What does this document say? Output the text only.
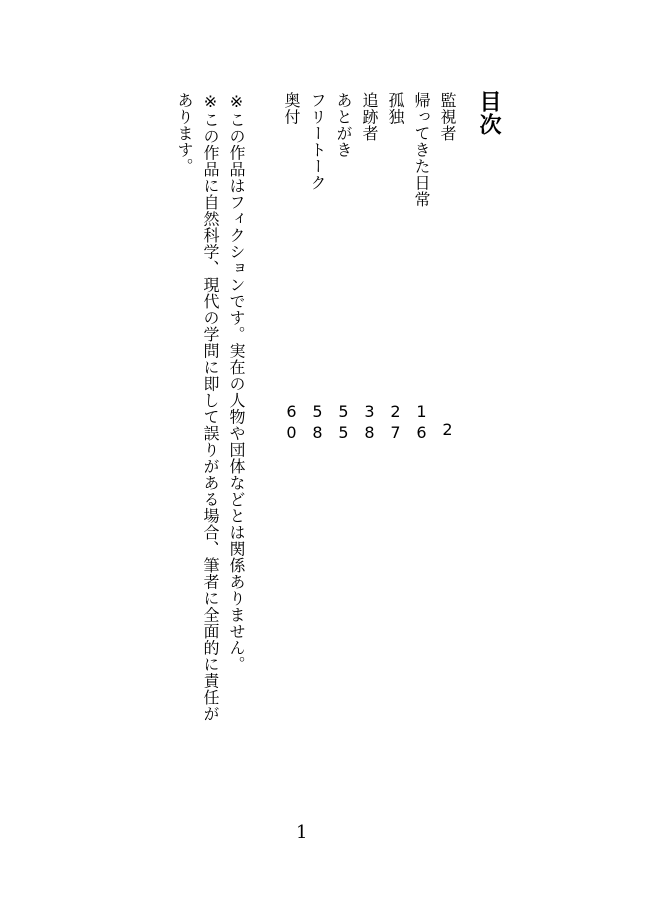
目次
監視者
帰ってきた日常
孤独
追跡者
あとがき
フリートーク
奥付
2
16
27
38
55
58
60
※この作品はフィクションです。実在の人物や団体などとは関係ありません。
※この作品に自然科学、現代の学問に即して誤りがある場合、筆者に全面的に責任が
あります。
1
